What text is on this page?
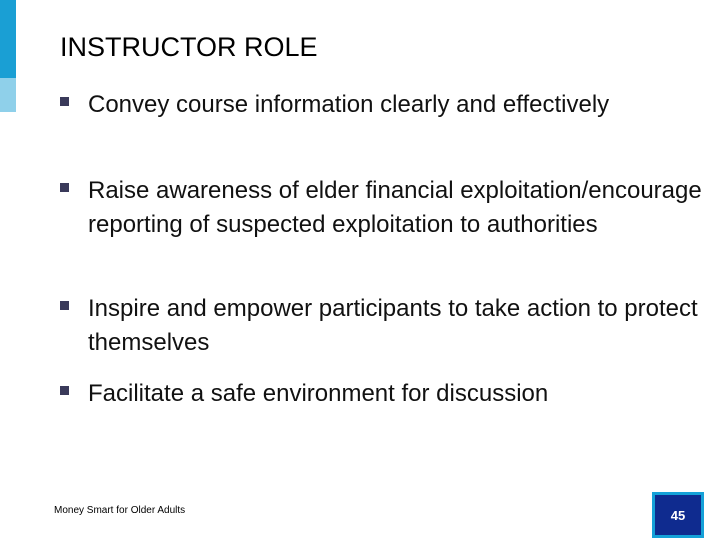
INSTRUCTOR ROLE
Convey course information clearly and effectively
Raise awareness of elder financial exploitation/encourage reporting of suspected exploitation to authorities
Inspire and empower participants to take action to protect themselves
Facilitate a safe environment for discussion
Money Smart for Older Adults	45
